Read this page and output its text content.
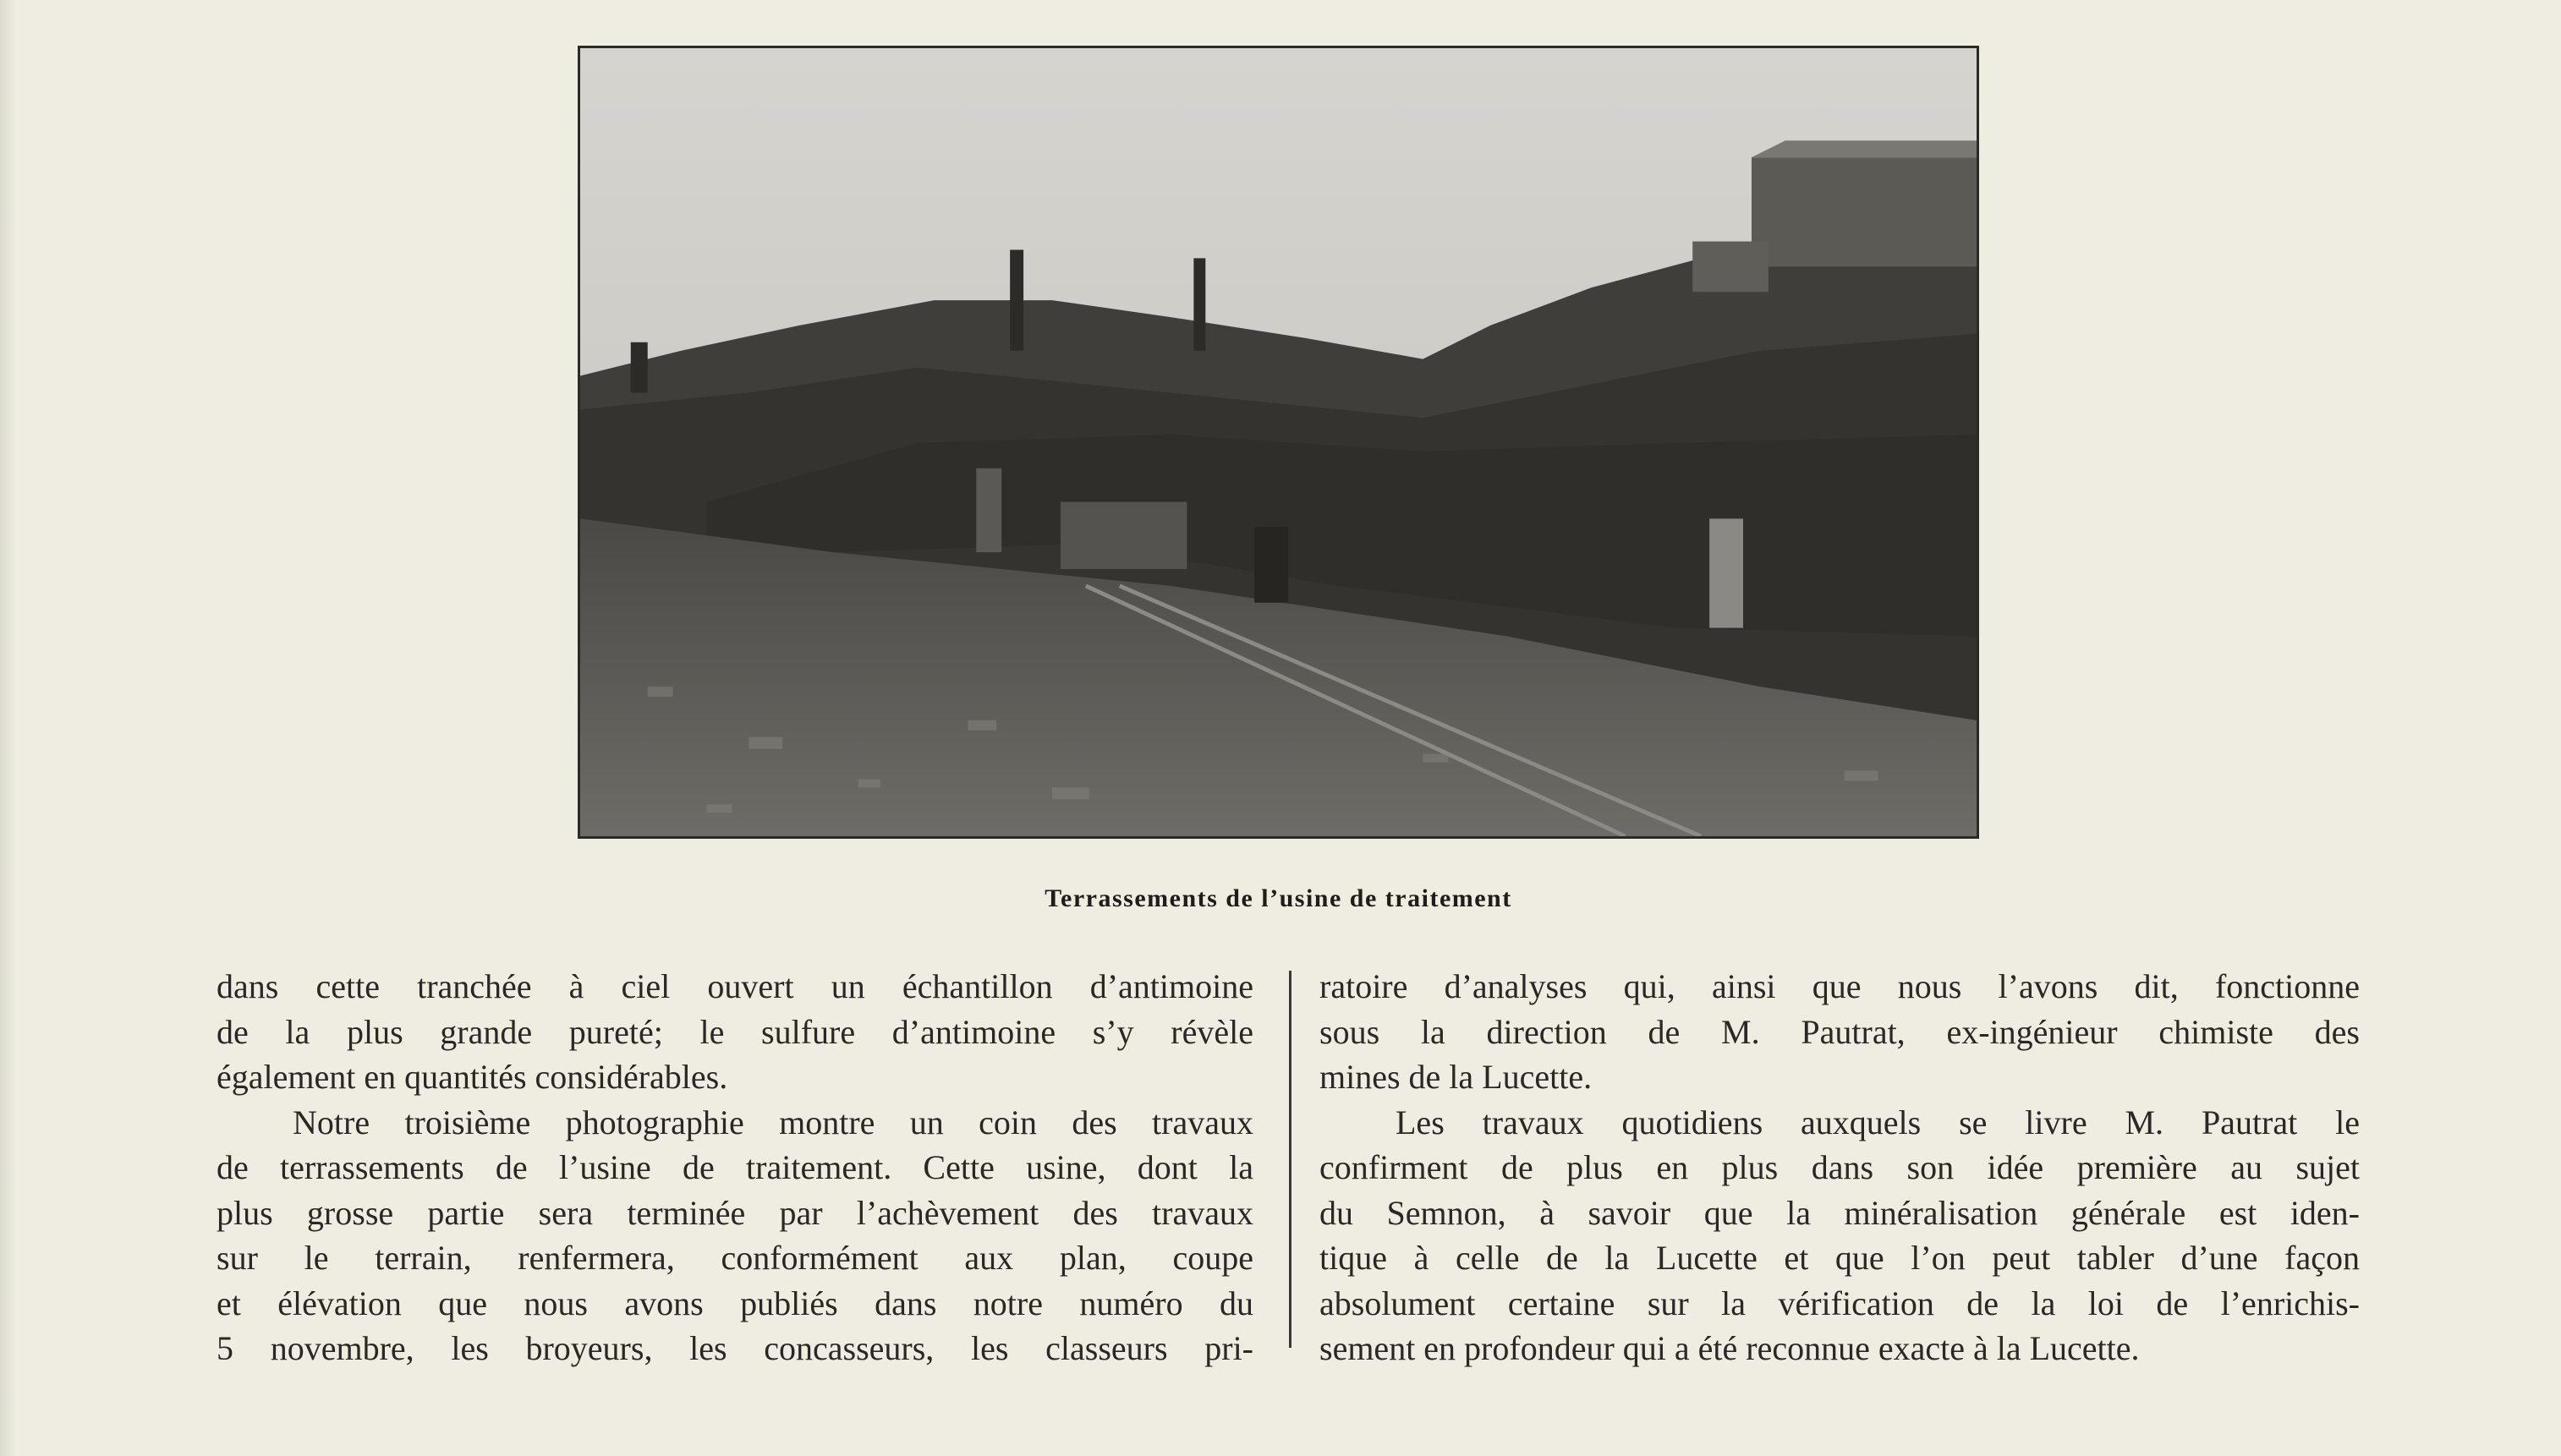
Terrassements de l’usine de traitement

dans cette tranchée à ciel ouvert un échantillon d’antimoine

de la plus grande pureté; le sulfure d’antimoine s’y révèle

également en quantités considérables.

Notre troisième photographie montre un coin des travaux

de terrassements de l’usine de traitement. Cette usine, dont la

plus grosse partie sera terminée par l’achèvement des travaux

sur le terrain, renfermera, conformément aux plan, coupe

et élévation que nous avons publiés dans notre numéro du

5 novembre, les broyeurs, les concasseurs, les classeurs pri-

ratoire d’analyses qui, ainsi que nous l’avons dit, fonctionne

sous la direction de M. Pautrat, ex-ingénieur chimiste des

mines de la Lucette.

Les travaux quotidiens auxquels se livre M. Pautrat le

confirment de plus en plus dans son idée première au sujet

du Semnon, à savoir que la minéralisation générale est iden-

tique à celle de la Lucette et que l’on peut tabler d’une façon

absolument certaine sur la vérification de la loi de l’enrichis-

sement en profondeur qui a été reconnue exacte à la Lucette.
